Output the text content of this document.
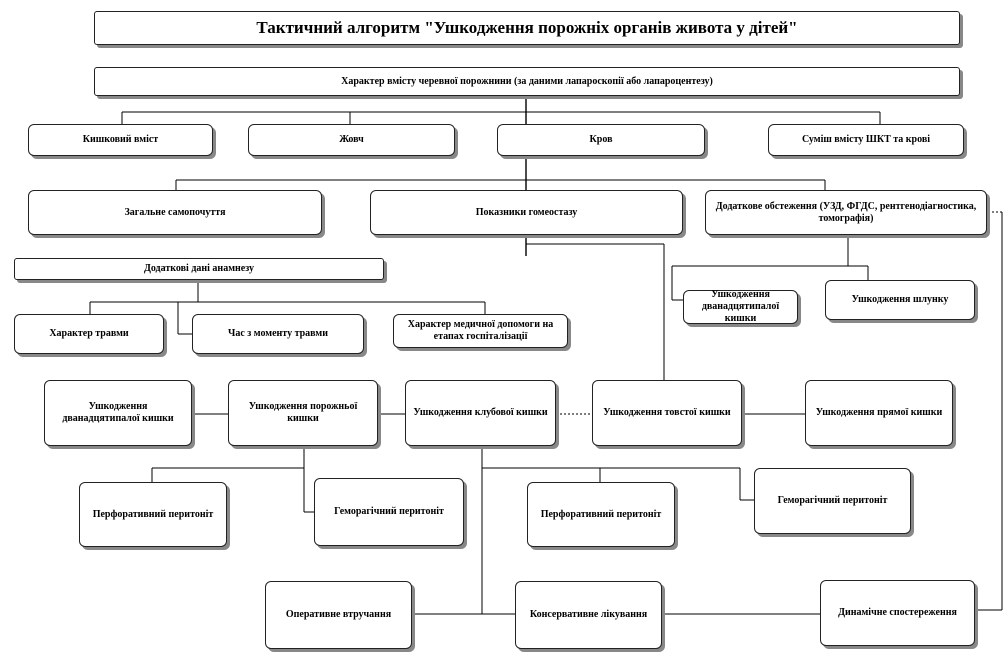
Тактичний алгоритм "Ушкодження порожніх органів живота у дітей"
Характер вмісту черевної порожнини (за даними лапароскопії або лапароцентезу)
Кишковий вміст	Жовч	Кров	Суміш вмісту ШКТ та крові
Загальне самопочуття	Показники гомеостазу
Додаткове обстеження (УЗД, ФГДС, рентгенодіагностика, томографія)
Додаткові дані анамнезу
Характер травми	Час з моменту травми
Характер медичної допомоги на етапах госпіталізації
Ушкодження дванадцятипалої кишки
Ушкодження шлунку
Ушкодження дванадцятипалої кишки
Ушкодження порожньої кишки
Ушкодження клубової кишки	Ушкодження товстої кишки	Ушкодження прямої кишки
Перфоративний перитоніт	Геморагічний перитоніт	Перфоративний перитоніт
Геморагічний перитоніт
Оперативне втручання	Консервативне лікування	Динамічне спостереження
